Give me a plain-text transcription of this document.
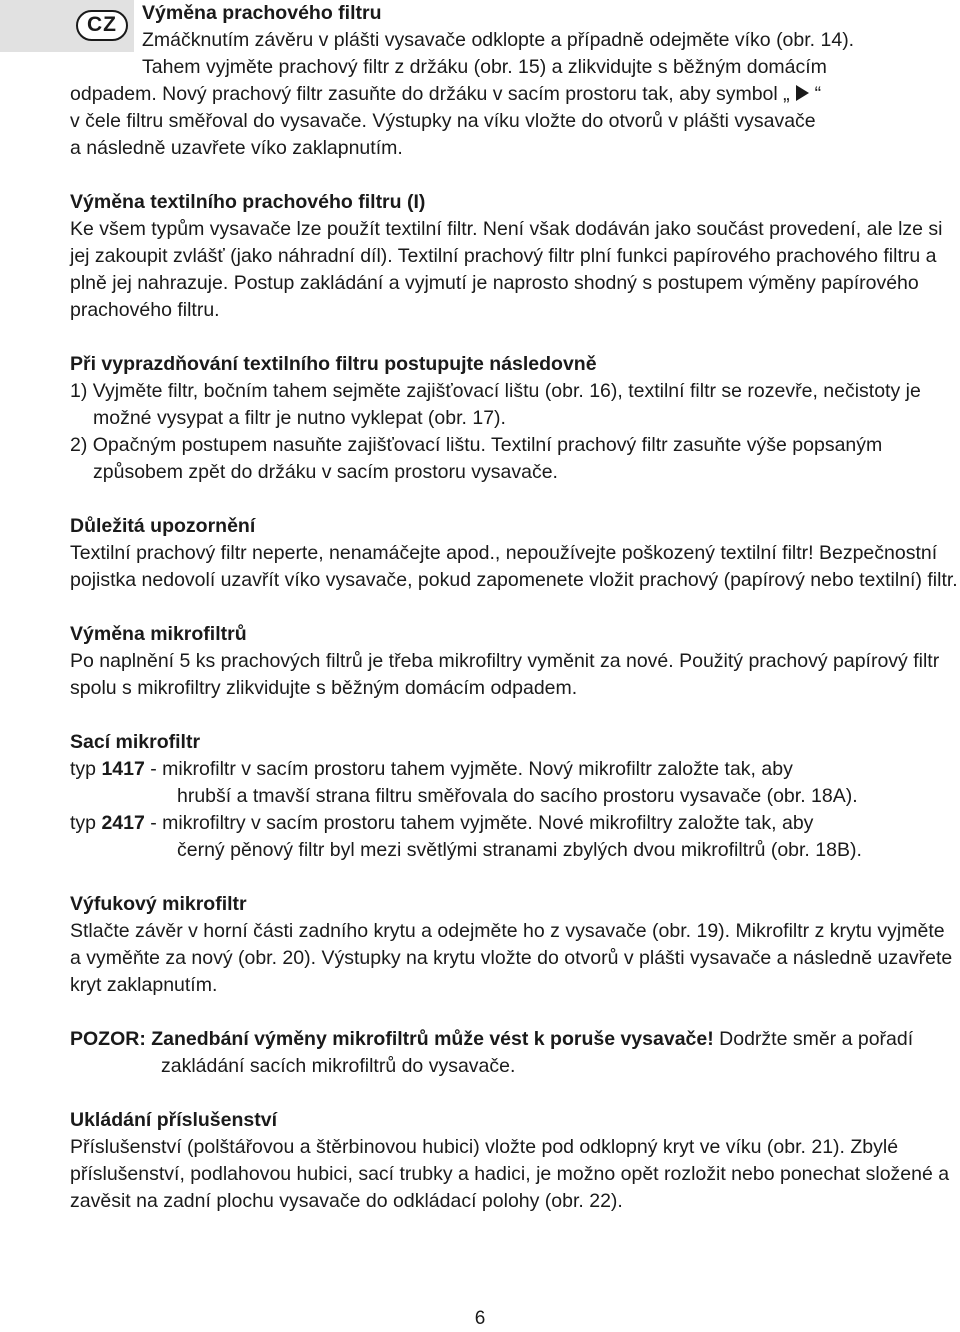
CZ	Výměna prachového filtru

Zmáčknutím závěru v plášti vysavače odklopte a případně odejměte víko (obr. 14).

Tahem vyjměte prachový filtr z držáku (obr. 15) a zlikvidujte s běžným domácím

odpadem. Nový prachový filtr zasuňte do držáku v sacím prostoru tak, aby symbol „ “

v čele filtru směřoval do vysavače. Výstupky na víku vložte do otvorů v plášti vysavače

a následně uzavřete víko zaklapnutím.

Výměna textilního prachového filtru (I)

Ke všem typům vysavače lze použít textilní filtr. Není však dodáván jako součást provedení, ale lze si jej zakoupit zvlášť (jako náhradní díl). Textilní prachový filtr plní funkci papírového prachového filtru a plně jej nahrazuje. Postup zakládání a vyjmutí je naprosto shodný s postupem výměny papírového prachového filtru.

Při vyprazdňování textilního filtru postupujte následovně

1) Vyjměte filtr, bočním tahem sejměte zajišťovací lištu (obr. 16), textilní filtr se rozevře, nečistoty je možné vysypat a filtr je nutno vyklepat (obr. 17).

2) Opačným postupem nasuňte zajišťovací lištu. Textilní prachový filtr zasuňte výše popsaným způsobem zpět do držáku v sacím prostoru vysavače.

Důležitá upozornění

Textilní prachový filtr neperte, nenamáčejte apod., nepoužívejte poškozený textilní filtr! Bezpečnostní pojistka nedovolí uzavřít víko vysavače, pokud zapomenete vložit prachový (papírový nebo textilní) filtr.

Výměna mikrofiltrů

Po naplnění 5 ks prachových filtrů je třeba mikrofiltry vyměnit za nové. Použitý prachový papírový filtr spolu s mikrofiltry zlikvidujte s běžným domácím odpadem.

Sací mikrofiltr

typ 1417 - mikrofiltr v sacím prostoru tahem vyjměte. Nový mikrofiltr založte tak, aby

hrubší a tmavší strana filtru směřovala do sacího prostoru vysavače (obr. 18A).

typ 2417 - mikrofiltry v sacím prostoru tahem vyjměte. Nové mikrofiltry založte tak, aby

černý pěnový filtr byl mezi světlými stranami zbylých dvou mikrofiltrů (obr. 18B).

Výfukový mikrofiltr

Stlačte závěr v horní části zadního krytu a odejměte ho z vysavače (obr. 19). Mikrofiltr z krytu vyjměte a vyměňte za nový (obr. 20). Výstupky na krytu vložte do otvorů v plášti vysavače a následně uzavřete kryt zaklapnutím.

POZOR: Zanedbání výměny mikrofiltrů může vést k poruše vysavače! Dodržte směr a pořadí zakládání sacích mikrofiltrů do vysavače.

Ukládání příslušenství

Příslušenství (polštářovou a štěrbinovou hubici) vložte pod odklopný kryt ve víku (obr. 21). Zbylé příslušenství, podlahovou hubici, sací trubky a hadici, je možno opět rozložit nebo ponechat složené a zavěsit na zadní plochu vysavače do odkládací polohy (obr. 22).

6
